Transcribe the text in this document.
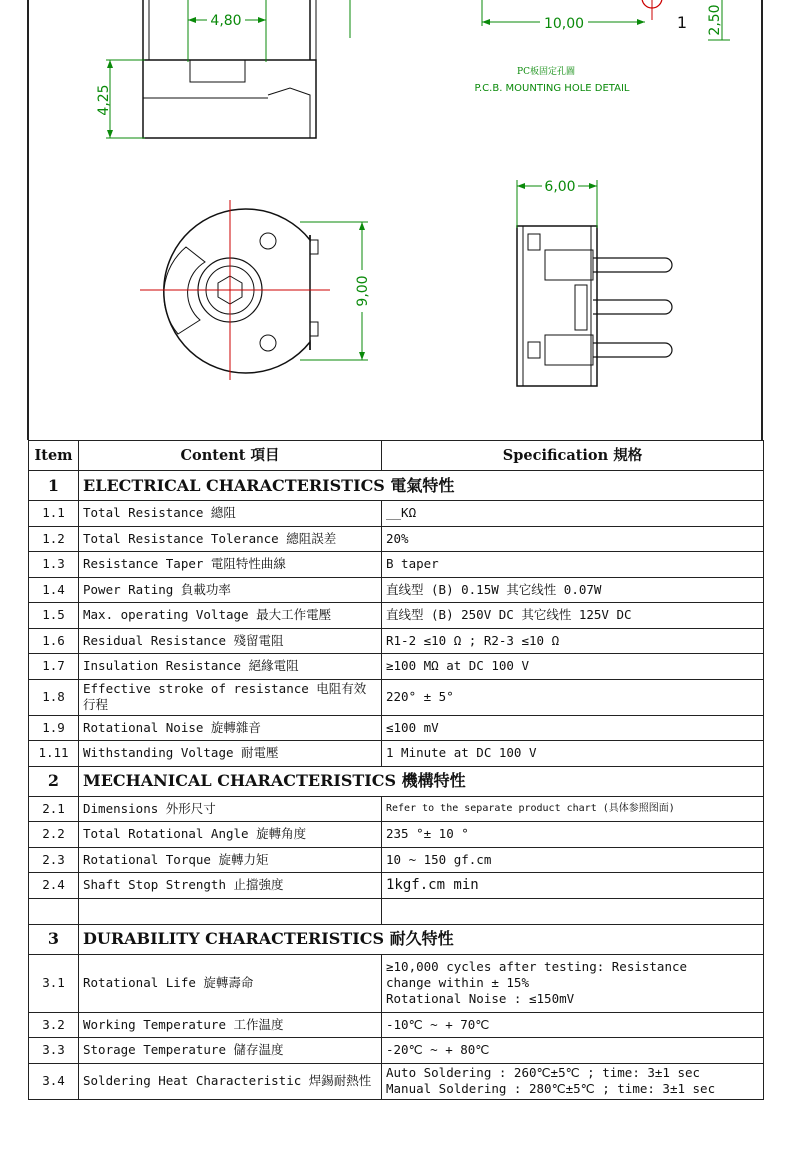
4,80
4,25
10,00	1 2,50
PC板固定孔圖
P.C.B. MOUNTING HOLE DETAIL
9,00
6,00
Item	Content 項目	Specification 規格
1	ELECTRICAL CHARACTERISTICS 電氣特性	
1.1	Total Resistance 總阻	__KΩ
1.2	Total Resistance Tolerance 總阻誤差	20%
1.3	Resistance Taper 電阻特性曲線	B taper
1.4	Power Rating 負載功率	直线型 (B) 0.15W 其它线性 0.07W
1.5	Max. operating Voltage 最大工作電壓	直线型 (B) 250V DC 其它线性 125V DC
1.6	Residual Resistance 殘留電阻	R1-2 ≤10 Ω ; R2-3 ≤10 Ω
1.7	Insulation Resistance 絕緣電阻	≥100 MΩ at DC 100 V
1.8	Effective stroke of resistance 电阻有效行程	220° ± 5°
1.9	Rotational Noise 旋轉雜音	≤100 mV
1.11	Withstanding Voltage 耐電壓	1 Minute at DC 100 V
2	MECHANICAL CHARACTERISTICS 機構特性	
2.1	Dimensions 外形尺寸	Refer to the separate product chart (具体参照图面)
2.2	Total Rotational Angle 旋轉角度	235 °± 10 °
2.3	Rotational Torque 旋轉力矩	10 ~ 150 gf.cm
2.4	Shaft Stop Strength 止擋強度	1kgf.cm min

3	DURABILITY CHARACTERISTICS 耐久特性	
3.1	Rotational Life 旋轉壽命	≥10,000 cycles after testing: Resistance
change within ± 15%
Rotational Noise : ≤150mV

3.2	Working Temperature 工作温度	-10℃ ~ + 70℃
3.3	Storage Temperature 儲存温度	-20℃ ~ + 80℃
3.4	Soldering Heat Characteristic 焊錫耐熱性	Auto Soldering : 260℃±5℃ ; time: 3±1 sec
Manual Soldering : 280℃±5℃ ; time: 3±1 sec
